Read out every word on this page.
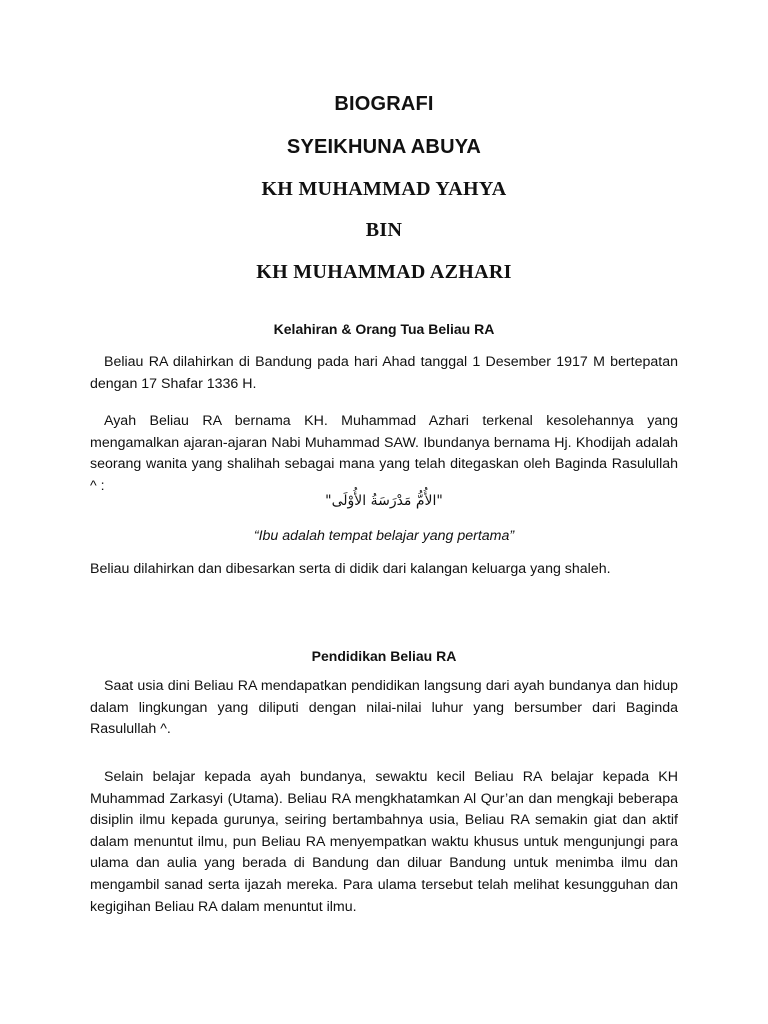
BIOGRAFI
SYEIKHUNA ABUYA
KH MUHAMMAD YAHYA
BIN
KH MUHAMMAD AZHARI
Kelahiran & Orang Tua Beliau RA

Beliau RA dilahirkan di Bandung pada hari Ahad tanggal 1 Desember 1917 M bertepatan dengan 17 Shafar 1336 H.

Ayah Beliau RA bernama KH. Muhammad Azhari terkenal kesolehannya yang mengamalkan ajaran-ajaran Nabi Muhammad SAW. Ibundanya bernama Hj. Khodijah adalah seorang wanita yang shalihah sebagai mana yang telah ditegaskan oleh Baginda Rasulullah ^ :

"الأُمُّ مَدْرَسَةُ الأُوْلَى"
“Ibu adalah tempat belajar yang pertama”

Beliau dilahirkan dan dibesarkan serta di didik dari kalangan keluarga yang shaleh.

Pendidikan Beliau RA

Saat usia dini Beliau RA mendapatkan pendidikan langsung dari ayah bundanya dan hidup dalam lingkungan yang diliputi dengan nilai-nilai luhur yang bersumber dari Baginda Rasulullah ^.

Selain belajar kepada ayah bundanya, sewaktu kecil Beliau RA belajar kepada KH Muhammad Zarkasyi (Utama). Beliau RA mengkhatamkan Al Qur’an dan mengkaji beberapa disiplin ilmu kepada gurunya, seiring bertambahnya usia, Beliau RA semakin giat dan aktif dalam menuntut ilmu, pun Beliau RA menyempatkan waktu khusus untuk mengunjungi para ulama dan aulia yang berada di Bandung dan diluar Bandung untuk menimba ilmu dan mengambil sanad serta ijazah mereka. Para ulama tersebut telah melihat kesungguhan dan kegigihan Beliau RA dalam menuntut ilmu.
